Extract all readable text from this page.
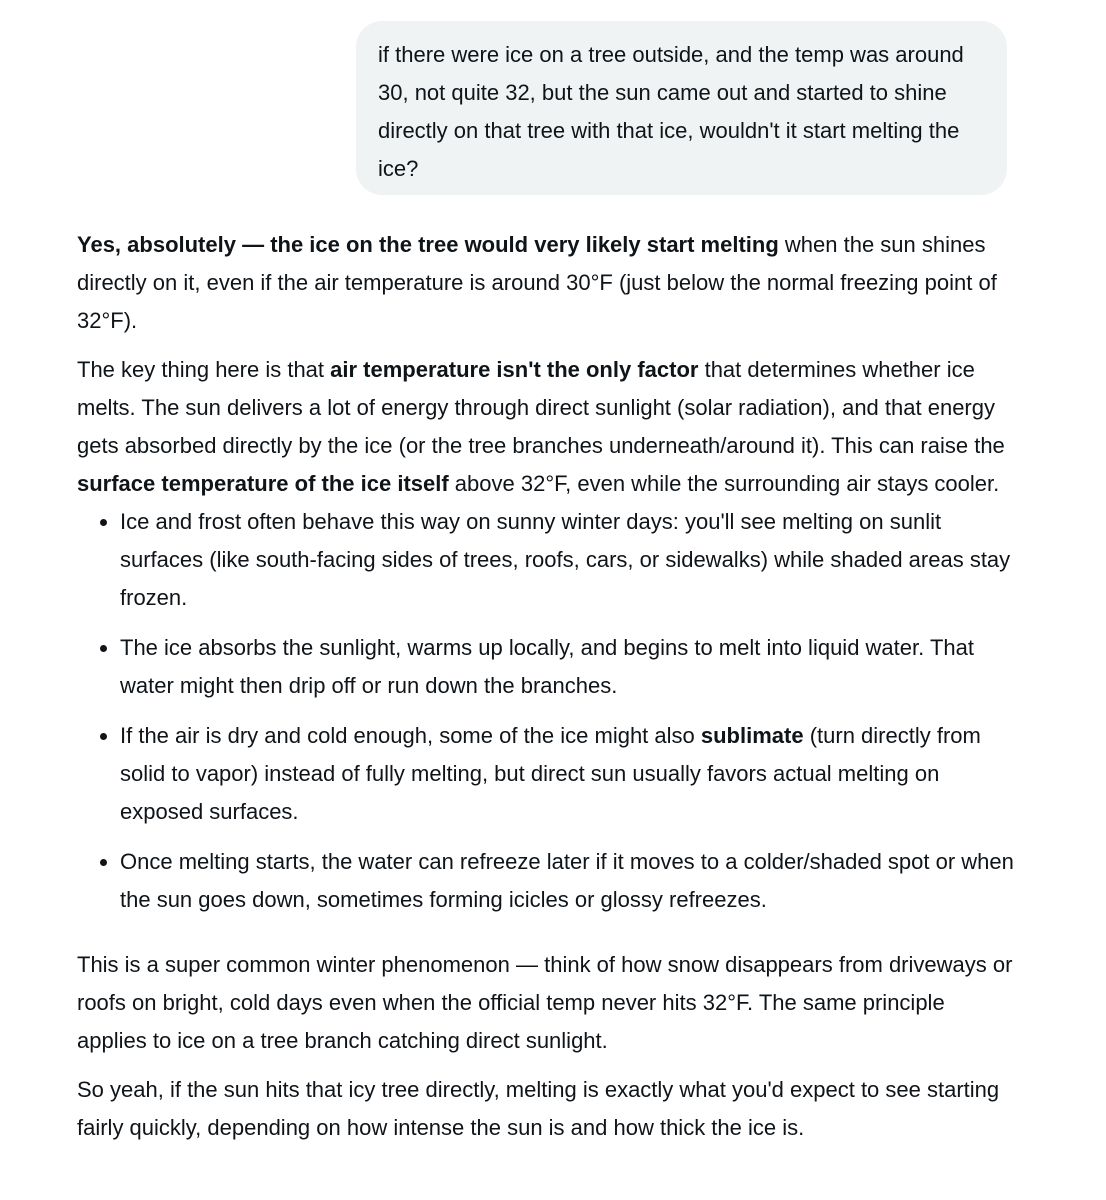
if there were ice on a tree outside, and the temp was around 30, not quite 32, but the sun came out and started to shine directly on that tree with that ice, wouldn't it start melting the ice?

Yes, absolutely — the ice on the tree would very likely start melting when the sun shines directly on it, even if the air temperature is around 30°F (just below the normal freezing point of 32°F).

The key thing here is that air temperature isn't the only factor that determines whether ice melts. The sun delivers a lot of energy through direct sunlight (solar radiation), and that energy gets absorbed directly by the ice (or the tree branches underneath/around it). This can raise the surface temperature of the ice itself above 32°F, even while the surrounding air stays cooler.

Ice and frost often behave this way on sunny winter days: you'll see melting on sunlit surfaces (like south-facing sides of trees, roofs, cars, or sidewalks) while shaded areas stay frozen.
The ice absorbs the sunlight, warms up locally, and begins to melt into liquid water. That water might then drip off or run down the branches.
If the air is dry and cold enough, some of the ice might also sublimate (turn directly from solid to vapor) instead of fully melting, but direct sun usually favors actual melting on exposed surfaces.
Once melting starts, the water can refreeze later if it moves to a colder/shaded spot or when the sun goes down, sometimes forming icicles or glossy refreezes.

This is a super common winter phenomenon — think of how snow disappears from driveways or roofs on bright, cold days even when the official temp never hits 32°F. The same principle applies to ice on a tree branch catching direct sunlight.

So yeah, if the sun hits that icy tree directly, melting is exactly what you'd expect to see starting fairly quickly, depending on how intense the sun is and how thick the ice is.
